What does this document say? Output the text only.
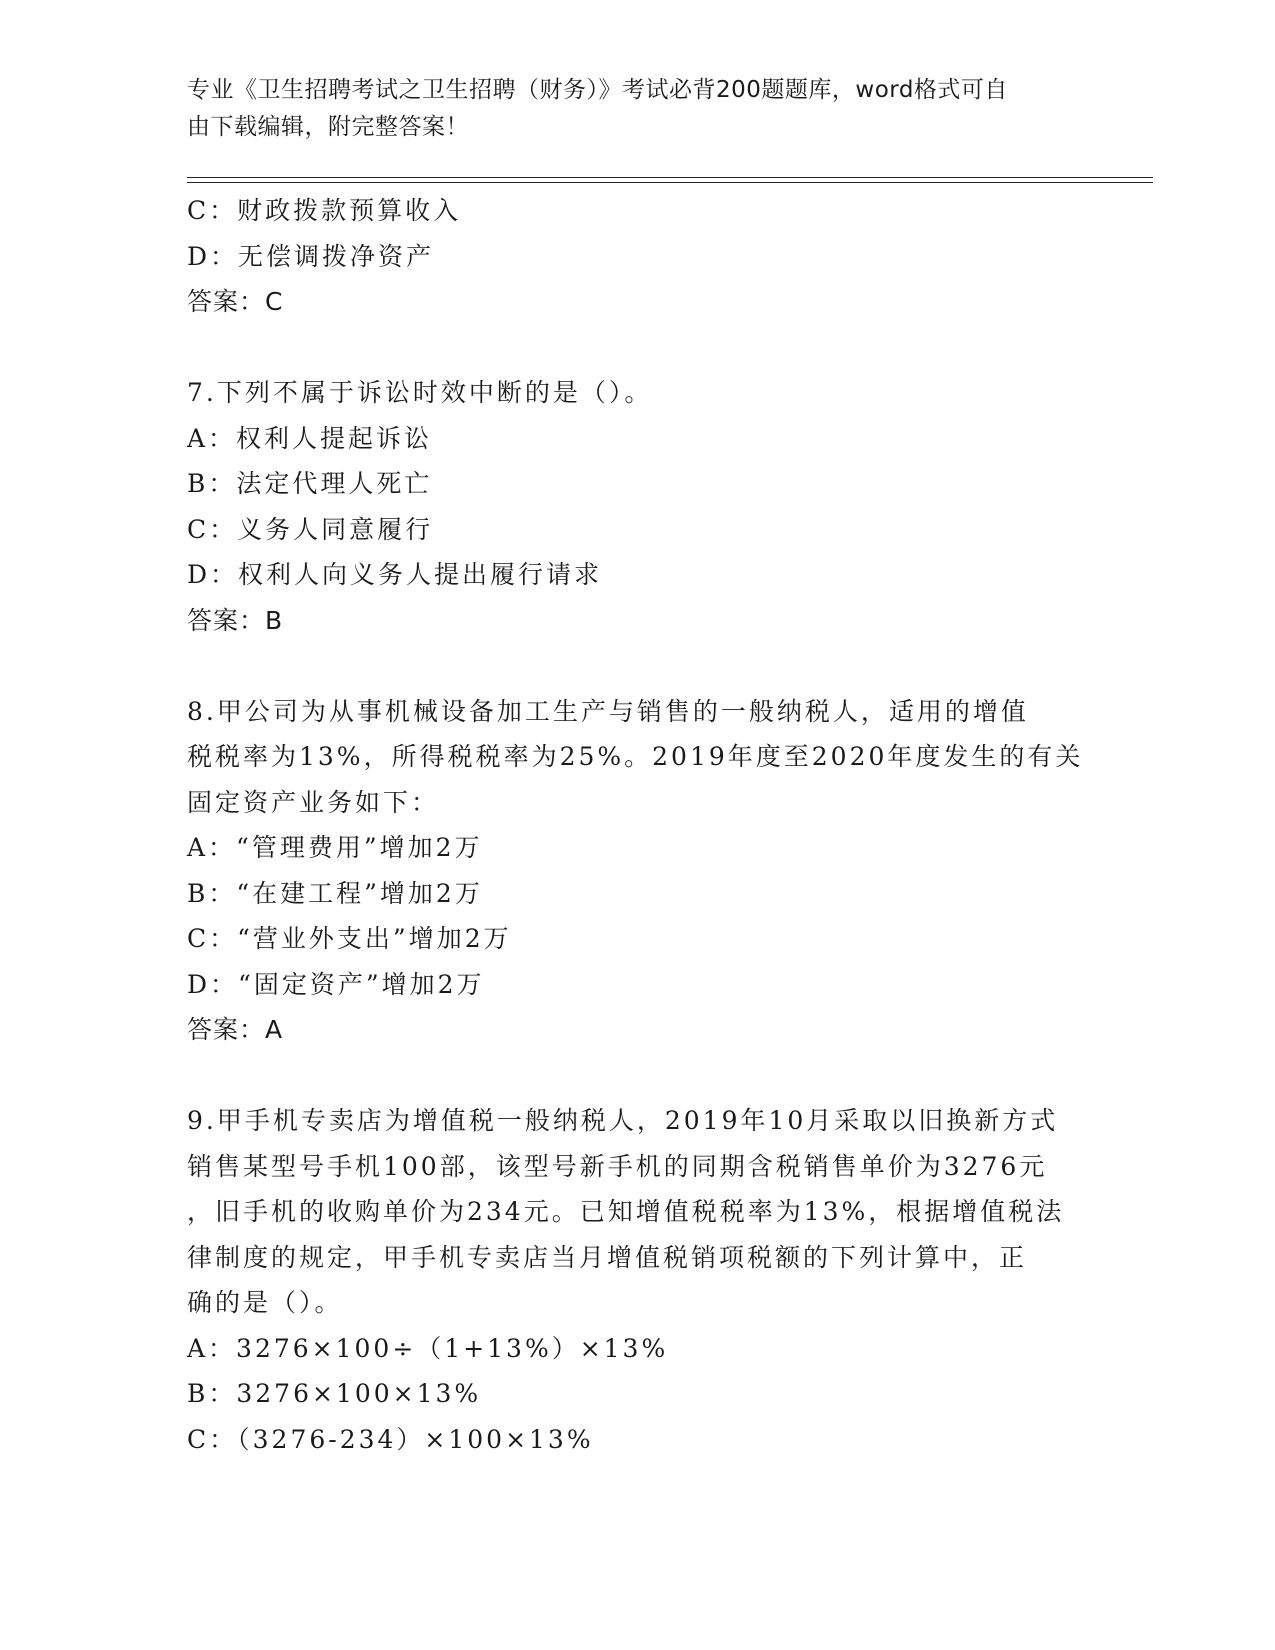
专业《卫生招聘考试之卫生招聘（财务）》考试必背200题题库，word格式可自
由下载编辑，附完整答案！
C：财政拨款预算收入
D：无偿调拨净资产
答案：C
7.下列不属于诉讼时效中断的是（）。
A：权利人提起诉讼
B：法定代理人死亡
C：义务人同意履行
D：权利人向义务人提出履行请求
答案：B
8.甲公司为从事机械设备加工生产与销售的一般纳税人，适用的增值
税税率为13%，所得税税率为25%。2019年度至2020年度发生的有关
固定资产业务如下：
A：“管理费用”增加2万
B：“在建工程”增加2万
C：“营业外支出”增加2万
D：“固定资产”增加2万
答案：A
9.甲手机专卖店为增值税一般纳税人，2019年10月采取以旧换新方式
销售某型号手机100部，该型号新手机的同期含税销售单价为3276元
，旧手机的收购单价为234元。已知增值税税率为13%，根据增值税法
律制度的规定，甲手机专卖店当月增值税销项税额的下列计算中，正
确的是（）。
A：3276×100÷（1+13%）×13%
B：3276×100×13%
C：（3276-234）×100×13%
